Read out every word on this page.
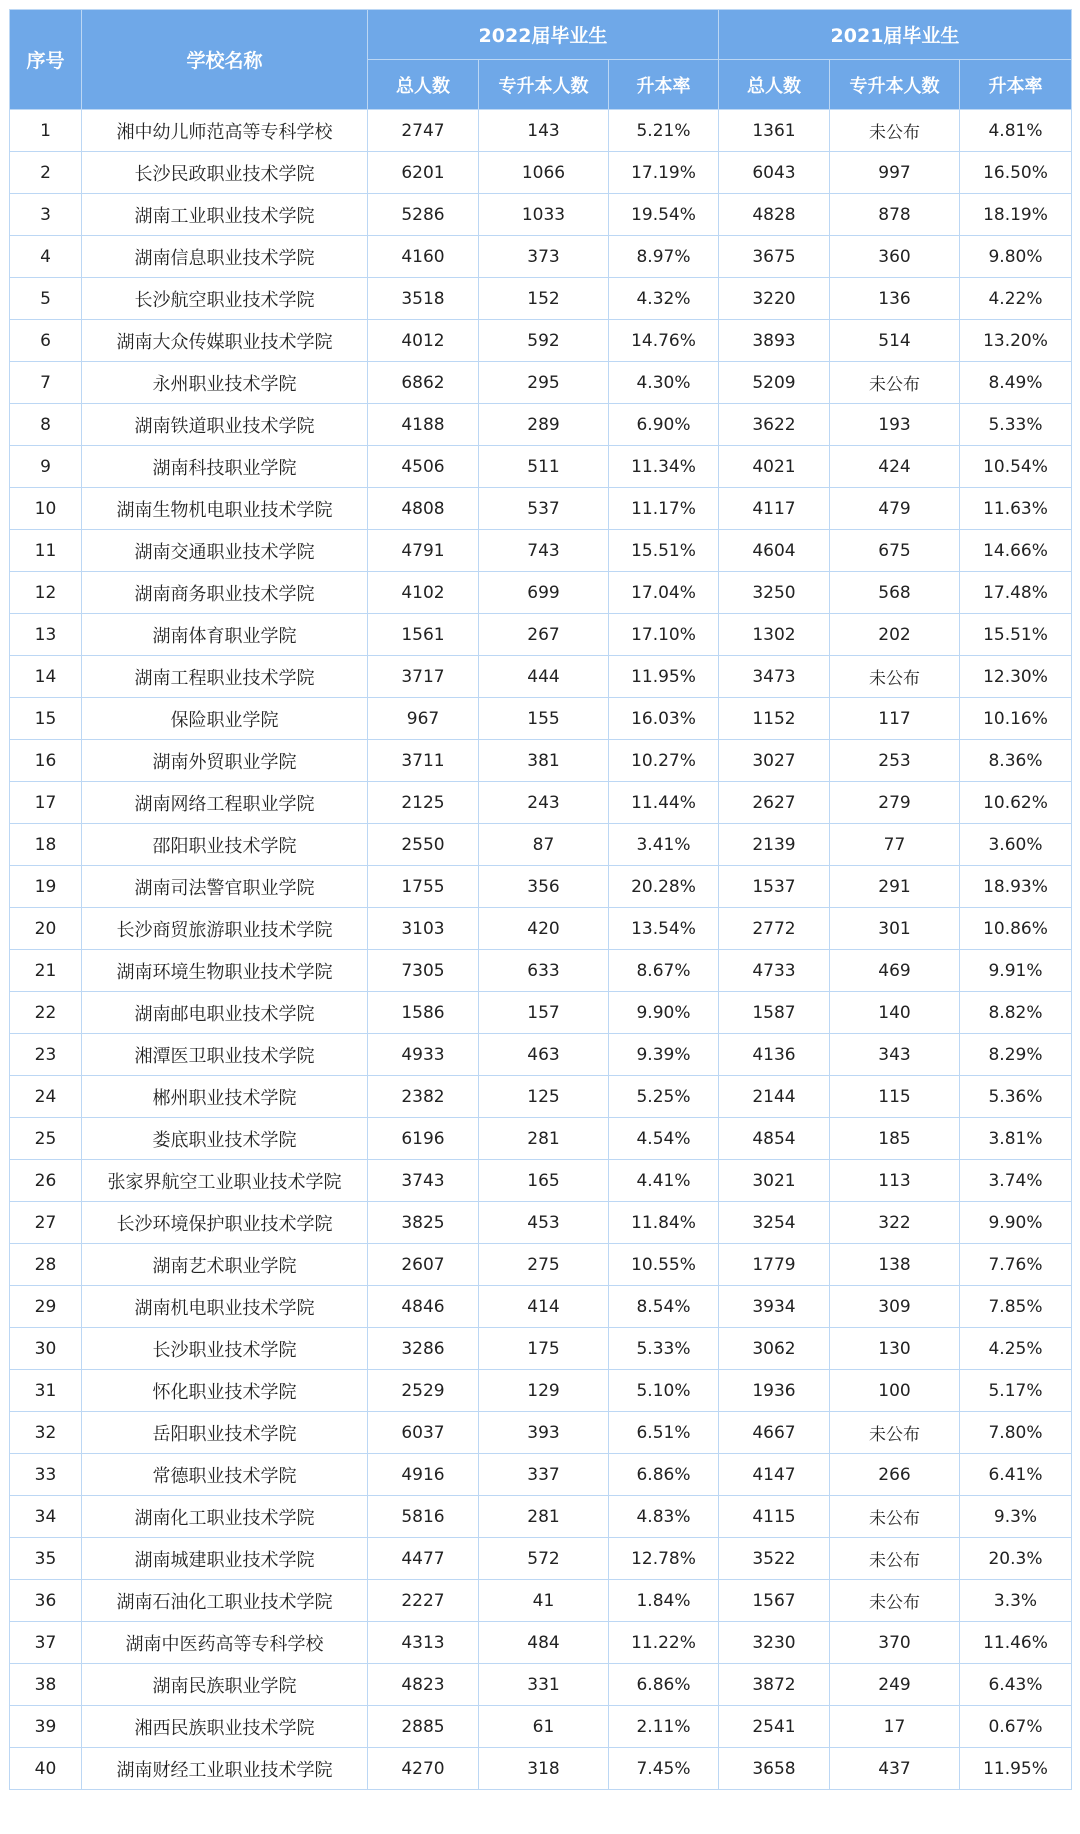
序号	学校名称	2022届毕业生			2021届毕业生		
		总人数	专升本人数	升本率	总人数	专升本人数	升本率
1	湘中幼儿师范高等专科学校	2747	143	5.21%	1361	未公布	4.81%
2	长沙民政职业技术学院	6201	1066	17.19%	6043	997	16.50%
3	湖南工业职业技术学院	5286	1033	19.54%	4828	878	18.19%
4	湖南信息职业技术学院	4160	373	8.97%	3675	360	9.80%
5	长沙航空职业技术学院	3518	152	4.32%	3220	136	4.22%
6	湖南大众传媒职业技术学院	4012	592	14.76%	3893	514	13.20%
7	永州职业技术学院	6862	295	4.30%	5209	未公布	8.49%
8	湖南铁道职业技术学院	4188	289	6.90%	3622	193	5.33%
9	湖南科技职业学院	4506	511	11.34%	4021	424	10.54%
10	湖南生物机电职业技术学院	4808	537	11.17%	4117	479	11.63%
11	湖南交通职业技术学院	4791	743	15.51%	4604	675	14.66%
12	湖南商务职业技术学院	4102	699	17.04%	3250	568	17.48%
13	湖南体育职业学院	1561	267	17.10%	1302	202	15.51%
14	湖南工程职业技术学院	3717	444	11.95%	3473	未公布	12.30%
15	保险职业学院	967	155	16.03%	1152	117	10.16%
16	湖南外贸职业学院	3711	381	10.27%	3027	253	8.36%
17	湖南网络工程职业学院	2125	243	11.44%	2627	279	10.62%
18	邵阳职业技术学院	2550	87	3.41%	2139	77	3.60%
19	湖南司法警官职业学院	1755	356	20.28%	1537	291	18.93%
20	长沙商贸旅游职业技术学院	3103	420	13.54%	2772	301	10.86%
21	湖南环境生物职业技术学院	7305	633	8.67%	4733	469	9.91%
22	湖南邮电职业技术学院	1586	157	9.90%	1587	140	8.82%
23	湘潭医卫职业技术学院	4933	463	9.39%	4136	343	8.29%
24	郴州职业技术学院	2382	125	5.25%	2144	115	5.36%
25	娄底职业技术学院	6196	281	4.54%	4854	185	3.81%
26	张家界航空工业职业技术学院	3743	165	4.41%	3021	113	3.74%
27	长沙环境保护职业技术学院	3825	453	11.84%	3254	322	9.90%
28	湖南艺术职业学院	2607	275	10.55%	1779	138	7.76%
29	湖南机电职业技术学院	4846	414	8.54%	3934	309	7.85%
30	长沙职业技术学院	3286	175	5.33%	3062	130	4.25%
31	怀化职业技术学院	2529	129	5.10%	1936	100	5.17%
32	岳阳职业技术学院	6037	393	6.51%	4667	未公布	7.80%
33	常德职业技术学院	4916	337	6.86%	4147	266	6.41%
34	湖南化工职业技术学院	5816	281	4.83%	4115	未公布	9.3%
35	湖南城建职业技术学院	4477	572	12.78%	3522	未公布	20.3%
36	湖南石油化工职业技术学院	2227	41	1.84%	1567	未公布	3.3%
37	湖南中医药高等专科学校	4313	484	11.22%	3230	370	11.46%
38	湖南民族职业学院	4823	331	6.86%	3872	249	6.43%
39	湘西民族职业技术学院	2885	61	2.11%	2541	17	0.67%
40	湖南财经工业职业技术学院	4270	318	7.45%	3658	437	11.95%
